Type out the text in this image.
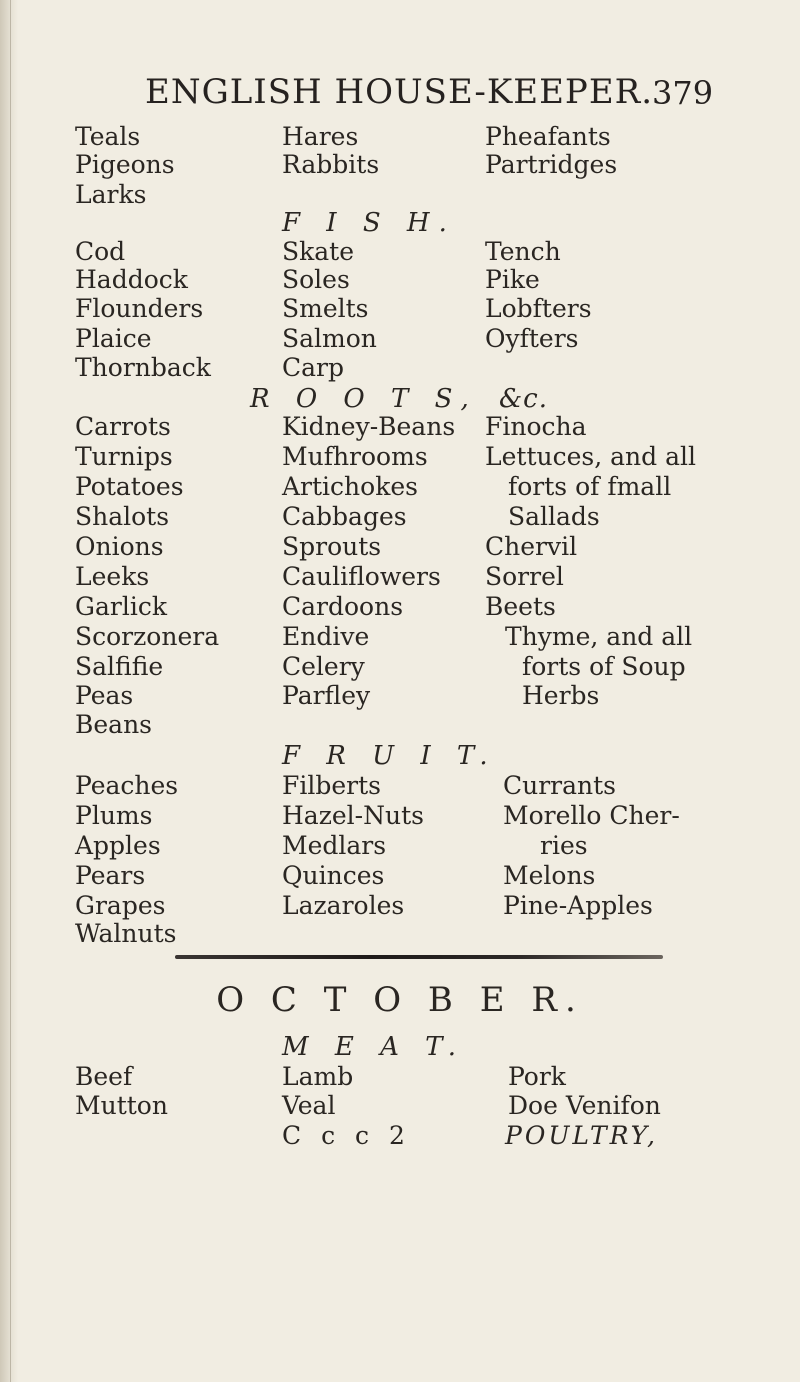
ENGLISH HOUSE-KEEPER.
379
Teals	Hares	Pheafants
Pigeons	Rabbits	Partridges
Larks
F I S H.
Cod	Skate	Tench
Haddock	Soles	Pike
Flounders	Smelts	Lobfters
Plaice	Salmon	Oyfters
Thornback	Carp
R O O T S, &c.
Carrots	Kidney-Beans Finocha
Turnips	Mufhrooms Lettuces, and all
Potatoes	Artichokes	forts of fmall
Shalots	Cabbages	Sallads
Onions	Sprouts	Chervil
Leeks	Cauliflowers Sorrel
Garlick	Cardoons	Beets
Scorzonera	Endive	Thyme, and all
Salfifie	Celery	forts of Soup
Peas	Parfley	Herbs
Beans
F R U I T.
Peaches	Filberts	Currants
Plums	Hazel-Nuts	Morello Cher-
Apples	Medlars	ries
Pears	Quinces	Melons
Grapes	Lazaroles	Pine-Apples
Walnuts
O C T O B E R.
M E A T.
Beef	Lamb	Pork
Mutton	Veal	Doe Venifon
C c c 2	POULTRY,
